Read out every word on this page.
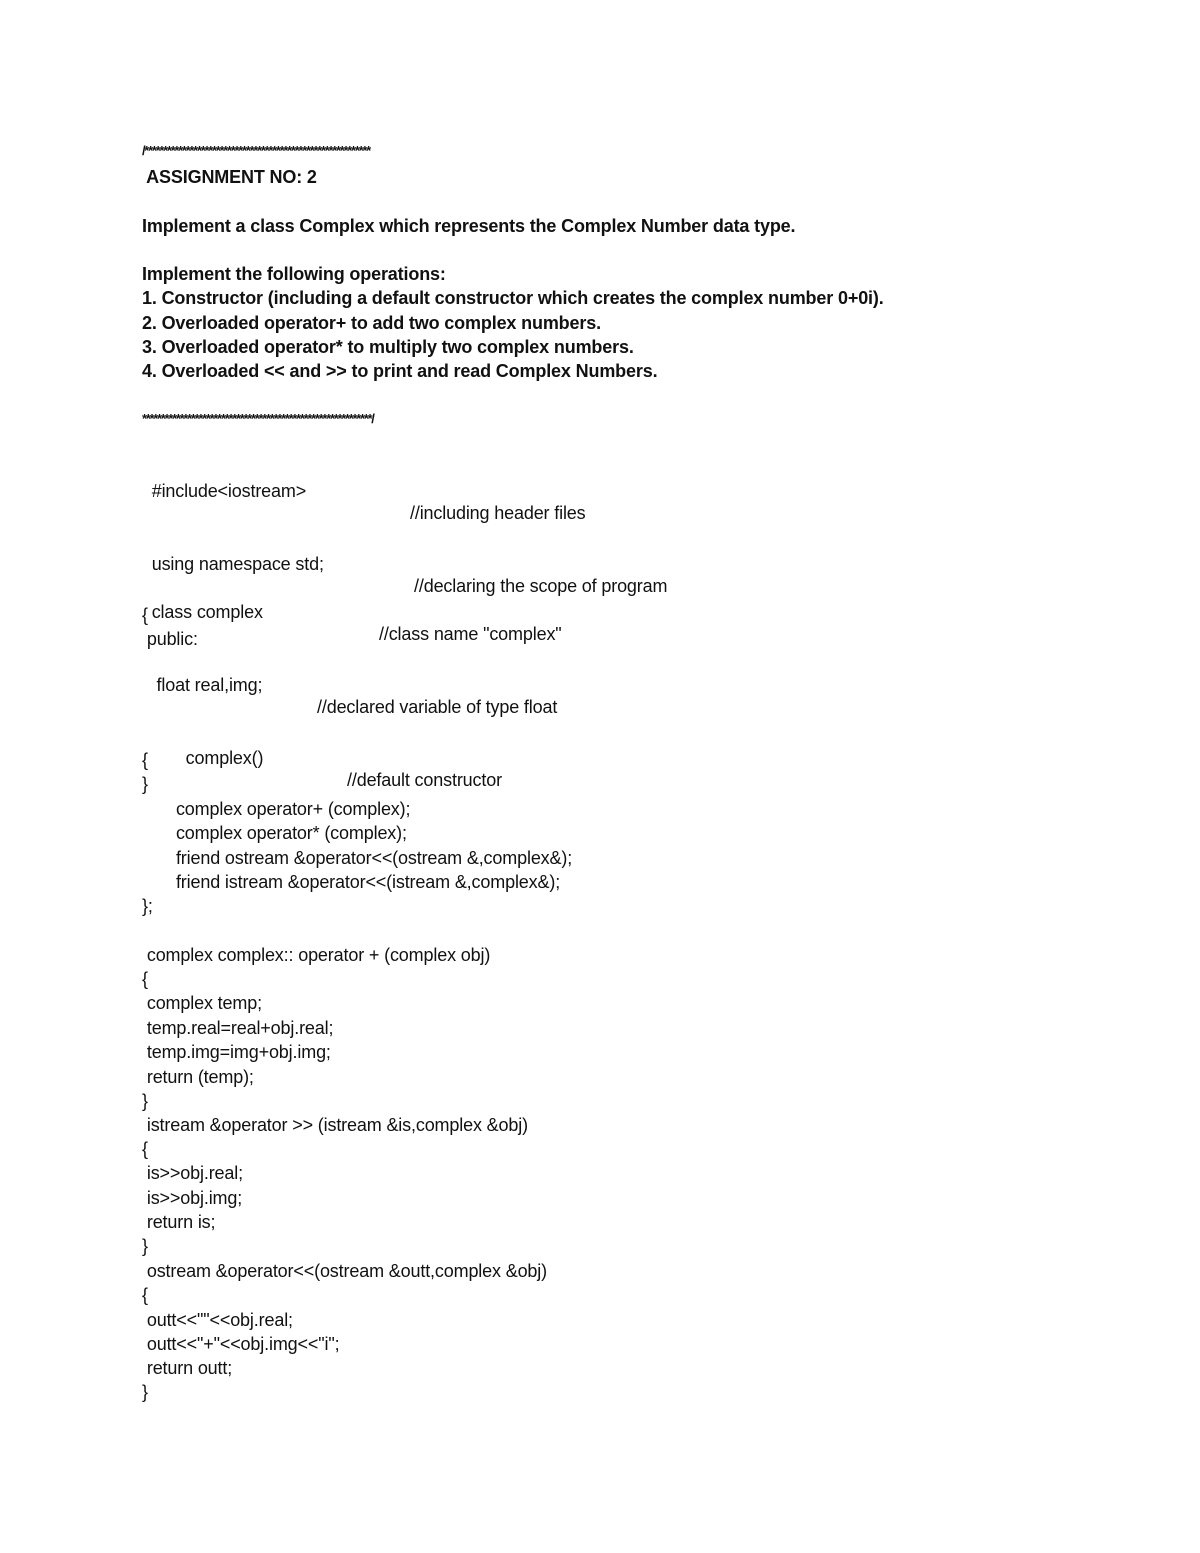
/************************************************************
ASSIGNMENT NO: 2
Implement a class Complex which represents the Complex Number data type.
Implement the following operations:
1. Constructor (including a default constructor which creates the complex number 0+0i).
2. Overloaded operator+ to add two complex numbers.
3. Overloaded operator* to multiply two complex numbers.
4. Overloaded << and >> to print and read Complex Numbers.
*************************************************************/

#include<iostream>

//including header files

using namespace std;

//declaring the scope of program

class complex

//class name "complex"

{
public:

float real,img;

//declared variable of type float

complex()

//default constructor

{
}
complex operator+ (complex);
complex operator* (complex);
friend ostream &operator<<(ostream &,complex&);
friend istream &operator<<(istream &,complex&);
};
complex complex:: operator + (complex obj)
{
complex temp;
temp.real=real+obj.real;
temp.img=img+obj.img;
return (temp);
}
istream &operator >> (istream &is,complex &obj)
{
is>>obj.real;
is>>obj.img;
return is;
}
ostream &operator<<(ostream &outt,complex &obj)
{
outt<<""<<obj.real;
outt<<"+"<<obj.img<<"i";
return outt;
}
